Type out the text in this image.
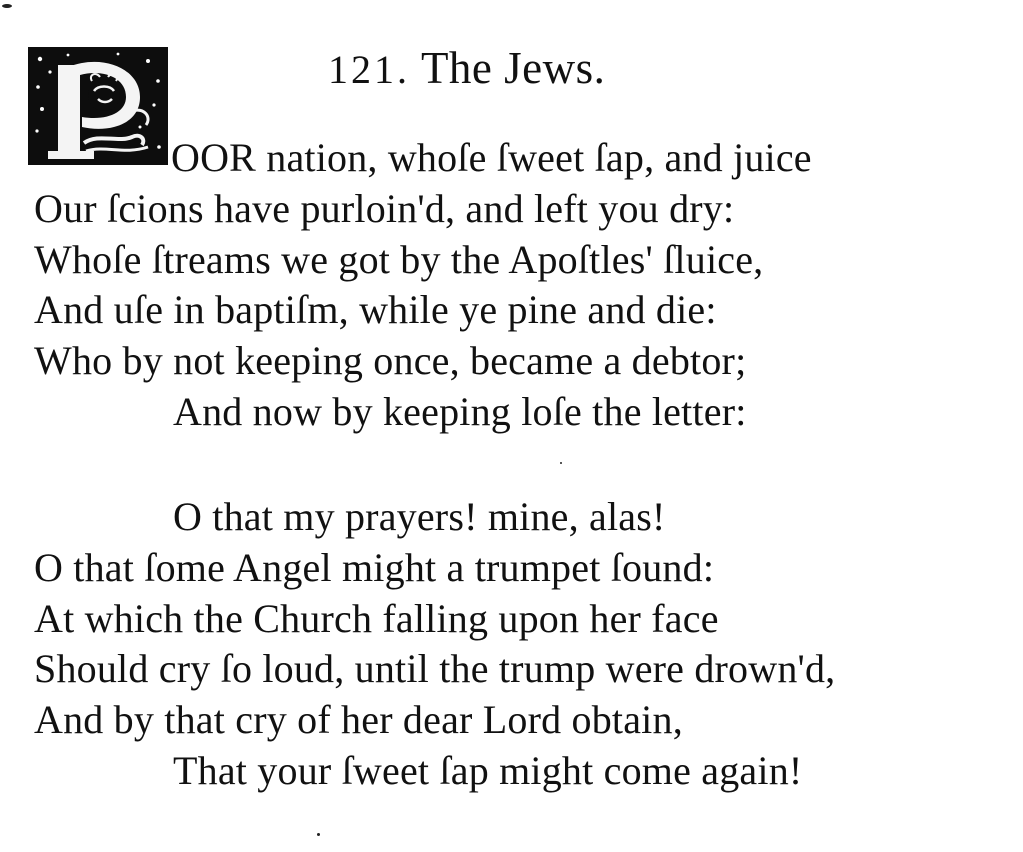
121. The Jews.
OOR nation, whoſe ſweet ſap, and juice
Our ſcions have purloin'd, and left you dry:
Whoſe ſtreams we got by the Apoſtles' ſluice,
And uſe in baptiſm, while ye pine and die:
Who by not keeping once, became a debtor;
And now by keeping loſe the letter:
O that my prayers! mine, alas!
O that ſome Angel might a trumpet ſound:
At which the Church falling upon her face
Should cry ſo loud, until the trump were drown'd,
And by that cry of her dear Lord obtain,
That your ſweet ſap might come again!
